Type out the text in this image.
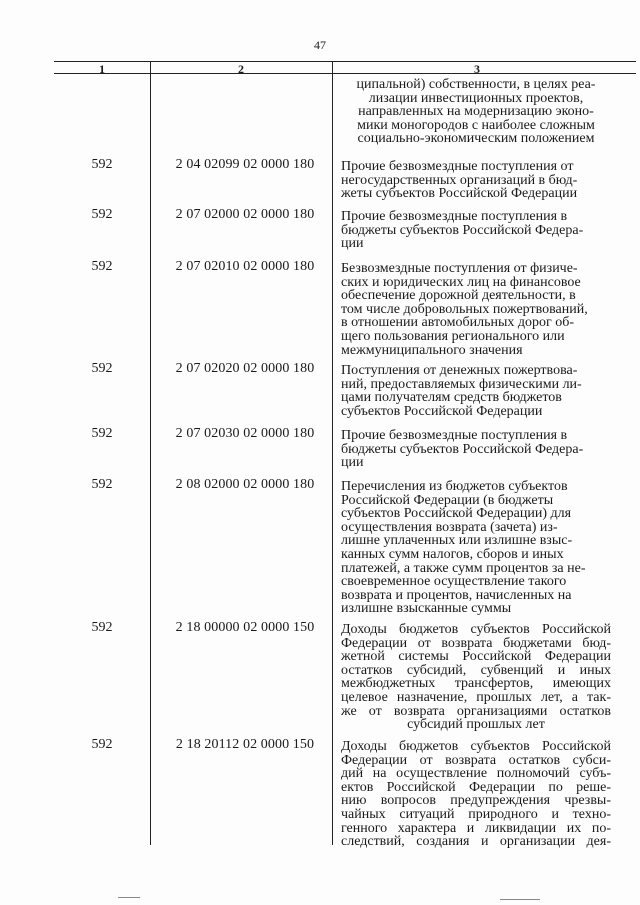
47
1	2	3
ципальной) собственности, в целях реа-
лизации инвестиционных проектов,
направленных на модернизацию эконо-
мики моногородов с наиболее сложным
социально-экономическим положением
592	2 04 02099 02 0000 180	Прочие безвозмездные поступления от
негосударственных организаций в бюд-
жеты субъектов Российской Федерации
592	2 07 02000 02 0000 180	Прочие безвозмездные поступления в
бюджеты субъектов Российской Федера-
ции
592	2 07 02010 02 0000 180	Безвозмездные поступления от физиче-
ских и юридических лиц на финансовое
обеспечение дорожной деятельности, в
том числе добровольных пожертвований,
в отношении автомобильных дорог об-
щего пользования регионального или
межмуниципального значения
592	2 07 02020 02 0000 180	Поступления от денежных пожертвова-
ний, предоставляемых физическими ли-
цами получателям средств бюджетов
субъектов Российской Федерации
592	2 07 02030 02 0000 180	Прочие безвозмездные поступления в
бюджеты субъектов Российской Федера-
ции
592	2 08 02000 02 0000 180	Перечисления из бюджетов субъектов
Российской Федерации (в бюджеты
субъектов Российской Федерации) для
осуществления возврата (зачета) из-
лишне уплаченных или излишне взыс-
канных сумм налогов, сборов и иных
платежей, а также сумм процентов за не-
своевременное осуществление такого
возврата и процентов, начисленных на
излишне взысканные суммы
592	2 18 00000 02 0000 150	Доходы бюджетов субъектов Российской
Федерации от возврата бюджетами бюд-
жетной системы Российской Федерации
остатков субсидий, субвенций и иных
межбюджетных трансфертов, имеющих
целевое назначение, прошлых лет, а так-
же от возврата организациями остатков
субсидий прошлых лет
592	2 18 20112 02 0000 150	Доходы бюджетов субъектов Российской
Федерации от возврата остатков субси-
дий на осуществление полномочий субъ-
ектов Российской Федерации по реше-
нию вопросов предупреждения чрезвы-
чайных ситуаций природного и техно-
генного характера и ликвидации их по-
следствий, создания и организации дея-
